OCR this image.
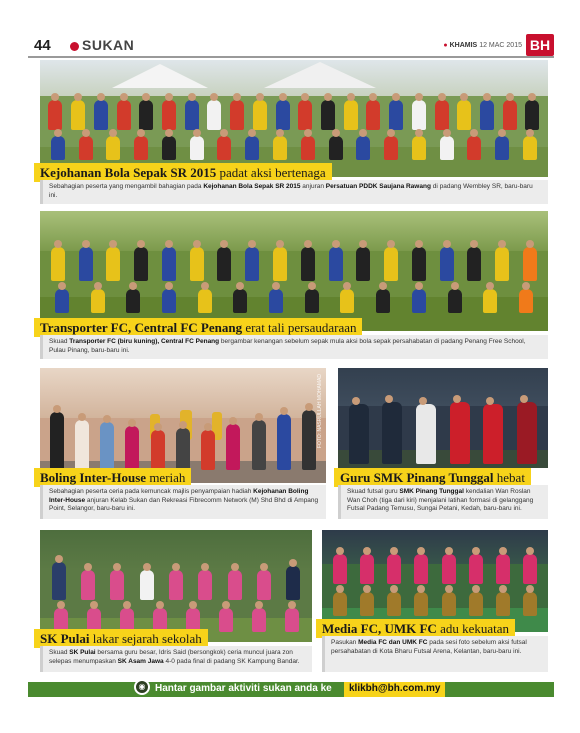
44 SUKAN	● KHAMIS 12 MAC 2015 BH
Kejohanan Bola Sepak SR 2015 padat aksi bertenaga
Sebahagian peserta yang mengambil bahagian pada Kejohanan Bola Sepak SR 2015 anjuran Persatuan PDDK Saujana Rawang di padang Wembley SR, baru-baru ini.
Transporter FC, Central FC Penang erat tali persaudaraan
Skuad Transporter FC (biru kuning), Central FC Penang bergambar kenangan sebelum sepak mula aksi bola sepak persahabatan di padang Penang Free School, Pulau Pinang, baru-baru ini.
FOTO: NASRULLAH MOHAMAD
Boling Inter-House meriah
Sebahagian peserta ceria pada kemuncak majlis penyampaian hadiah Kejohanan Boling Inter-House anjuran Kelab Sukan dan Rekreasi Fibrecomm Network (M) Shd Bhd di Ampang Point, Selangor, baru-baru ini.
Guru SMK Pinang Tunggal hebat
Skuad futsal guru SMK Pinang Tunggal kendalian Wan Roslan Wan Choh (tiga dari kiri) menjalani latihan formasi di gelanggang Futsal Padang Temusu, Sungai Petani, Kedah, baru-baru ini.
SK Pulai lakar sejarah sekolah
Skuad SK Pulai bersama guru besar, Idris Said (bersongkok) ceria muncul juara zon selepas menumpaskan SK Asam Jawa 4-0 pada final di padang SK Kampung Bandar.
Media FC, UMK FC adu kekuatan
Pasukan Media FC dan UMK FC pada sesi foto sebelum aksi futsal persahabatan di Kota Bharu Futsal Arena, Kelantan, baru-baru ini.
◉ Hantar gambar aktiviti sukan anda ke	klikbh@bh.com.my
